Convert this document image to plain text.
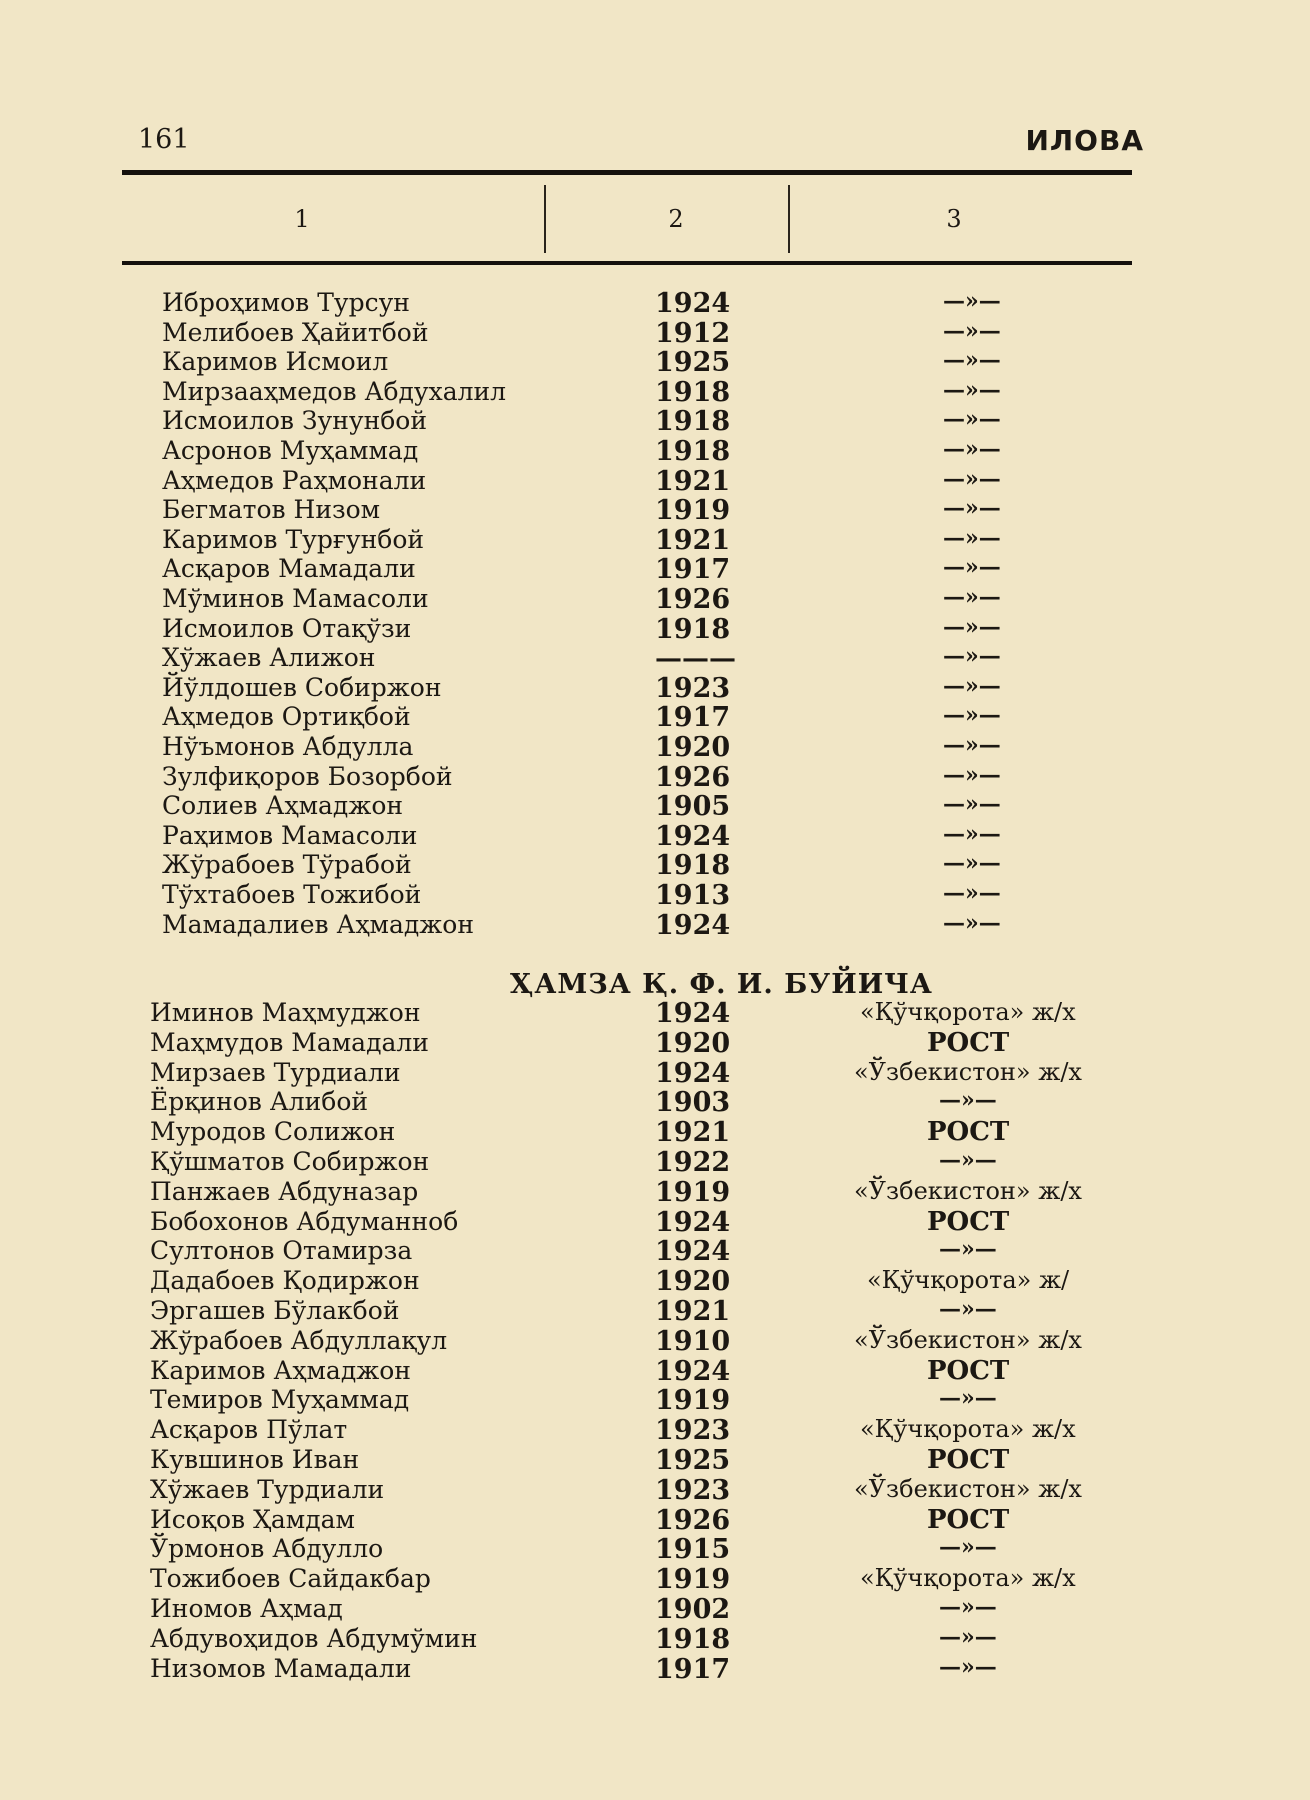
161	ИЛОВА
1	2	3
Иброҳимов Турсун	1924	—»—
Мелибоев Ҳайитбой	1912	—»—
Каримов Исмоил	1925	—»—
Мирзааҳмедов Абдухалил	1918	—»—
Исмоилов Зунунбой	1918	—»—
Асронов Муҳаммад	1918	—»—
Аҳмедов Раҳмонали	1921	—»—
Бегматов Низом	1919	—»—
Каримов Турғунбой	1921	—»—
Асқаров Мамадали	1917	—»—
Мўминов Мамасоли	1926	—»—
Исмоилов Отақўзи	1918	—»—
Хўжаев Алижон	———	—»—
Йўлдошев Собиржон	1923	—»—
Аҳмедов Ортиқбой	1917	—»—
Нўъмонов Абдулла	1920	—»—
Зулфиқоров Бозорбой	1926	—»—
Солиев Аҳмаджон	1905	—»—
Раҳимов Мамасоли	1924	—»—
Жўрабоев Тўрабой	1918	—»—
Тўхтабоев Тожибой	1913	—»—
Мамадалиев Аҳмаджон	1924	—»—
ҲАМЗА Қ. Ф. И. БУЙИЧА
Иминов Маҳмуджон	1924	«Қўчқорота» ж/х
Маҳмудов Мамадали	1920	РОСТ
Мирзаев Турдиали	1924	«Ўзбекистон» ж/х
Ёрқинов Алибой	1903	—»—
Муродов Солижон	1921	РОСТ
Қўшматов Собиржон	1922	—»—
Панжаев Абдуназар	1919	«Ўзбекистон» ж/х
Бобохонов Абдуманноб	1924	РОСТ
Султонов Отамирза	1924	—»—
Дадабоев Қодиржон	1920	«Қўчқорота» ж/
Эргашев Бўлакбой	1921	—»—
Жўрабоев Абдуллақул	1910	«Ўзбекистон» ж/х
Каримов Аҳмаджон	1924	РОСТ
Темиров Муҳаммад	1919	—»—
Асқаров Пўлат	1923	«Қўчқорота» ж/х
Кувшинов Иван	1925	РОСТ
Хўжаев Турдиали	1923	«Ўзбекистон» ж/х
Исоқов Ҳамдам	1926	РОСТ
Ўрмонов Абдулло	1915	—»—
Тожибоев Сайдакбар	1919	«Қўчқорота» ж/х
Иномов Аҳмад	1902	—»—
Абдувоҳидов Абдумўмин	1918	—»—
Низомов Мамадали	1917	—»—
